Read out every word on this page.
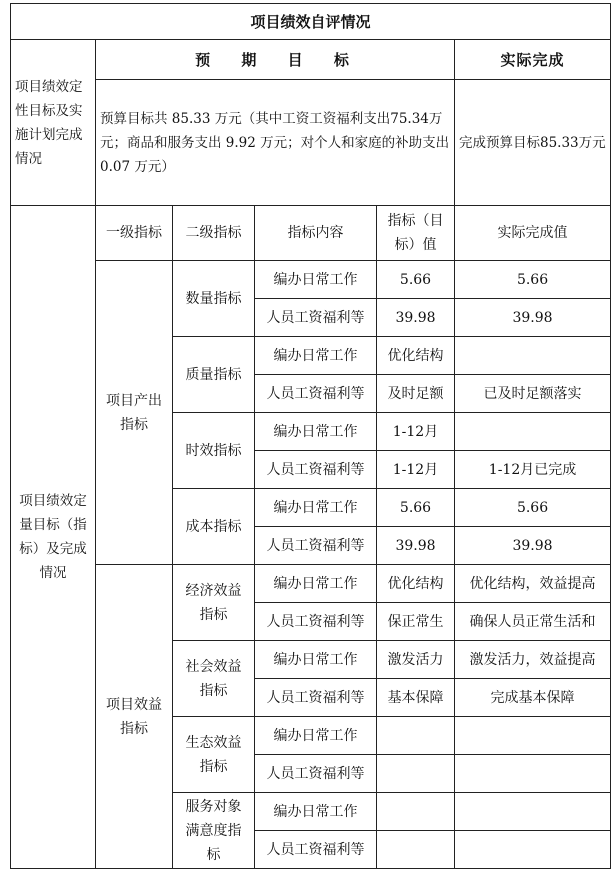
项目绩效自评情况					
项目绩效定性目标及实施计划完成情况	预 期 目 标				实际完成
	预算目标共 85.33 万元（其中工资工资福利支出75.34万元；商品和服务支出 9.92 万元；对个人和家庭的补助支出 0.07 万元）				完成预算目标85.33万元
项目绩效定量目标（指标）及完成情况	一级指标	二级指标	指标内容	指标（目标）值	实际完成值
	项目产出指标	数量指标	编办日常工作	5.66	5.66
			人员工资福利等	39.98	39.98
		质量指标	编办日常工作	优化结构	
			人员工资福利等	及时足额	已及时足额落实
		时效指标	编办日常工作	1-12月	
			人员工资福利等	1-12月	1-12月已完成
		成本指标	编办日常工作	5.66	5.66
			人员工资福利等	39.98	39.98
	项目效益指标	经济效益指标	编办日常工作	优化结构	优化结构，效益提高
			人员工资福利等	保正常生	确保人员正常生活和
		社会效益指标	编办日常工作	激发活力	激发活力，效益提高
			人员工资福利等	基本保障	完成基本保障
		生态效益指标	编办日常工作		
			人员工资福利等		
		服务对象满意度指标	编办日常工作		
			人员工资福利等		
